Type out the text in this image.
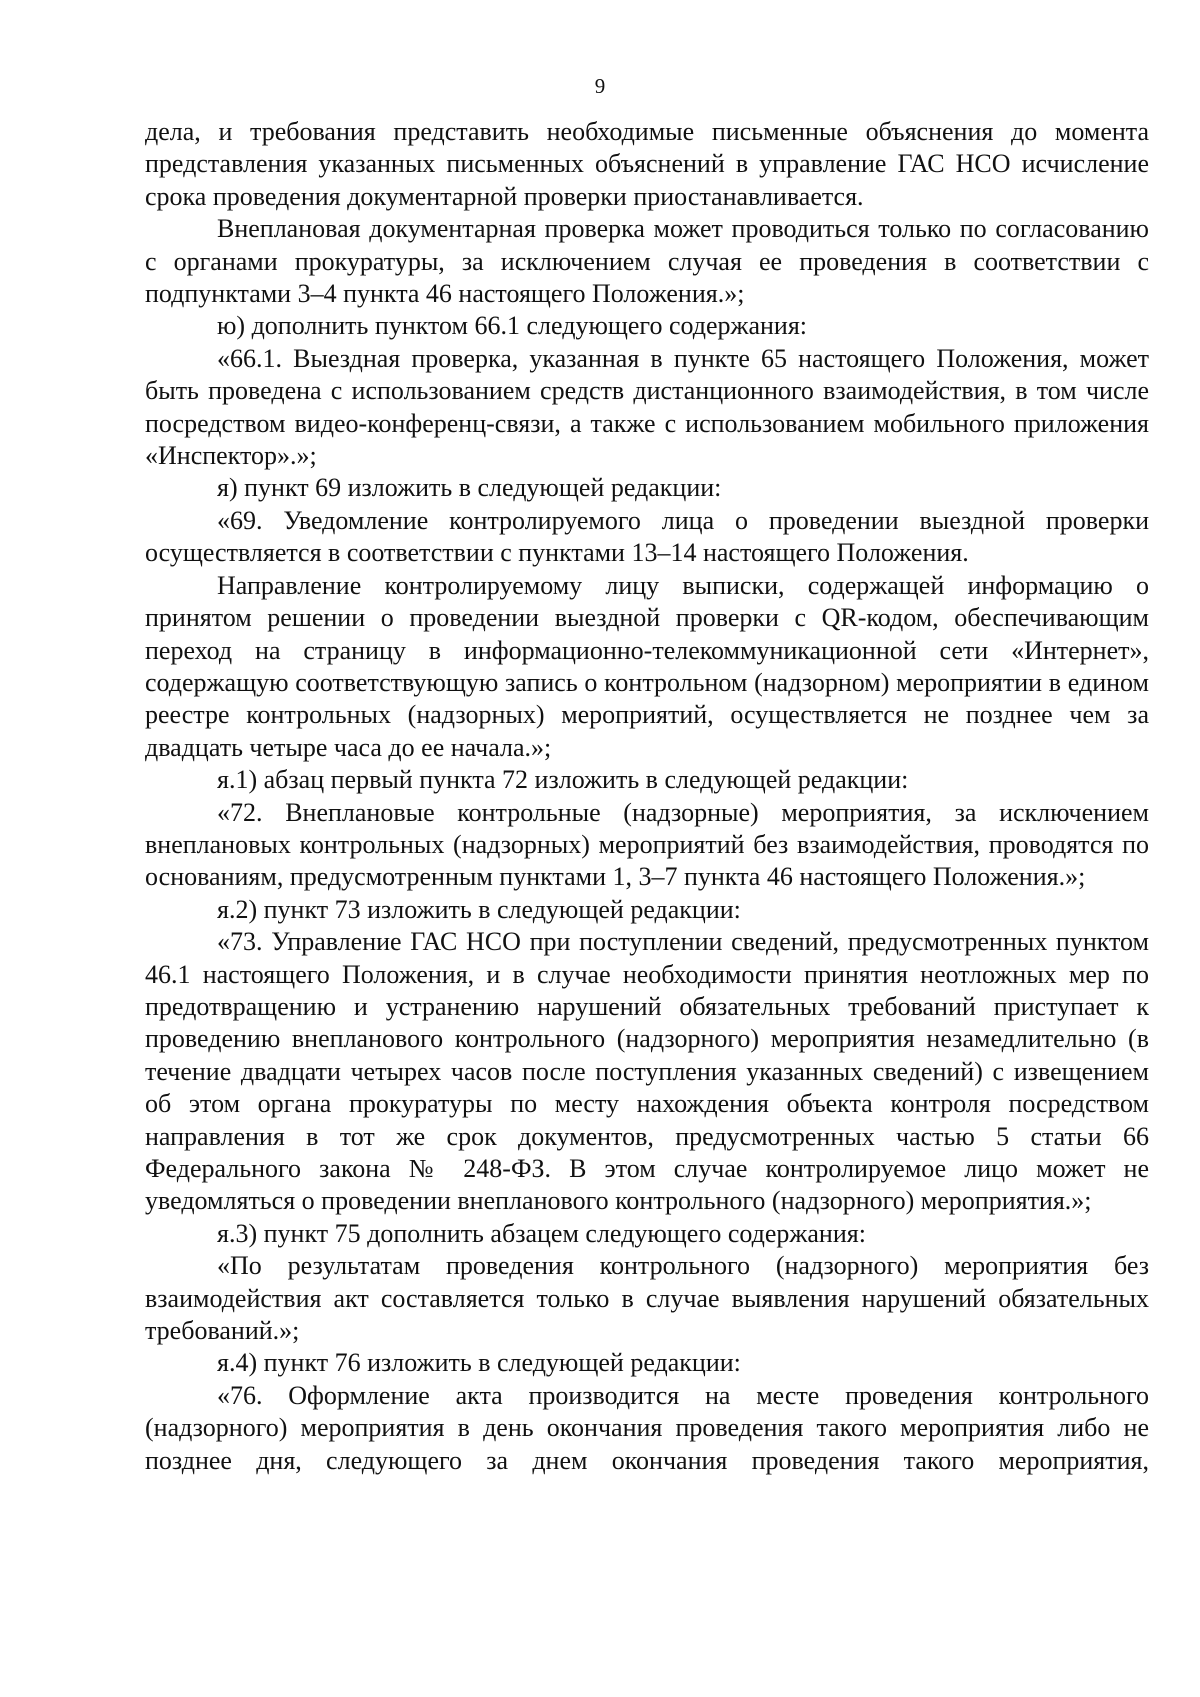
9

дела, и требования представить необходимые письменные объяснения до момента представления указанных письменных объяснений в управление ГАС НСО исчисление срока проведения документарной проверки приостанавливается.

Внеплановая документарная проверка может проводиться только по согласованию с органами прокуратуры, за исключением случая ее проведения в соответствии с подпунктами 3–4 пункта 46 настоящего Положения.»;

ю) дополнить пунктом 66.1 следующего содержания:

«66.1. Выездная проверка, указанная в пункте 65 настоящего Положения, может быть проведена с использованием средств дистанционного взаимодействия, в том числе посредством видео-конференц-связи, а также с использованием мобильного приложения «Инспектор».»;

я) пункт 69 изложить в следующей редакции:

«69. Уведомление контролируемого лица о проведении выездной проверки осуществляется в соответствии с пунктами 13–14 настоящего Положения.

Направление контролируемому лицу выписки, содержащей информацию о принятом решении о проведении выездной проверки с QR-кодом, обеспечивающим переход на страницу в информационно-телекоммуникационной сети «Интернет», содержащую соответствующую запись о контрольном (надзорном) мероприятии в едином реестре контрольных (надзорных) мероприятий, осуществляется не позднее чем за двадцать четыре часа до ее начала.»;

я.1) абзац первый пункта 72 изложить в следующей редакции:

«72. Внеплановые контрольные (надзорные) мероприятия, за исключением внеплановых контрольных (надзорных) мероприятий без взаимодействия, проводятся по основаниям, предусмотренным пунктами 1, 3–7 пункта 46 настоящего Положения.»;

я.2) пункт 73 изложить в следующей редакции:

«73. Управление ГАС НСО при поступлении сведений, предусмотренных пунктом 46.1 настоящего Положения, и в случае необходимости принятия неотложных мер по предотвращению и устранению нарушений обязательных требований приступает к проведению внепланового контрольного (надзорного) мероприятия незамедлительно (в течение двадцати четырех часов после поступления указанных сведений) с извещением об этом органа прокуратуры по месту нахождения объекта контроля посредством направления в тот же срок документов, предусмотренных частью 5 статьи 66 Федерального закона № 248-ФЗ. В этом случае контролируемое лицо может не уведомляться о проведении внепланового контрольного (надзорного) мероприятия.»;

я.3) пункт 75 дополнить абзацем следующего содержания:

«По результатам проведения контрольного (надзорного) мероприятия без взаимодействия акт составляется только в случае выявления нарушений обязательных требований.»;

я.4) пункт 76 изложить в следующей редакции:

«76. Оформление акта производится на месте проведения контрольного (надзорного) мероприятия в день окончания проведения такого мероприятия либо не позднее дня, следующего за днем окончания проведения такого мероприятия,
